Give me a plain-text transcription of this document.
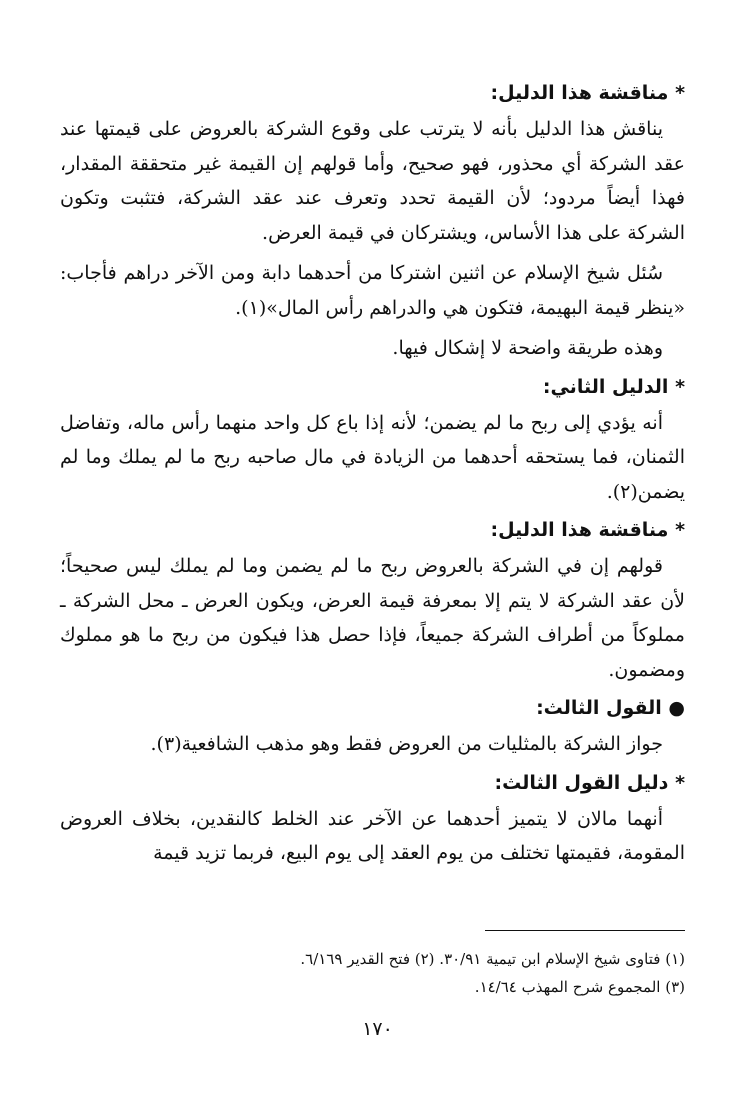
* مناقشة هذا الدليل:

يناقش هذا الدليل بأنه لا يترتب على وقوع الشركة بالعروض على قيمتها عند عقد الشركة أي محذور، فهو صحيح، وأما قولهم إن القيمة غير متحققة المقدار، فهذا أيضاً مردود؛ لأن القيمة تحدد وتعرف عند عقد الشركة، فتثبت وتكون الشركة على هذا الأساس، ويشتركان في قيمة العرض.

سُئل شيخ الإسلام عن اثنين اشتركا من أحدهما دابة ومن الآخر دراهم فأجاب: «ينظر قيمة البهيمة، فتكون هي والدراهم رأس المال»(١).

وهذه طريقة واضحة لا إشكال فيها.

* الدليل الثاني:

أنه يؤدي إلى ربح ما لم يضمن؛ لأنه إذا باع كل واحد منهما رأس ماله، وتفاضل الثمنان، فما يستحقه أحدهما من الزيادة في مال صاحبه ربح ما لم يملك وما لم يضمن(٢).

* مناقشة هذا الدليل:

قولهم إن في الشركة بالعروض ربح ما لم يضمن وما لم يملك ليس صحيحاً؛ لأن عقد الشركة لا يتم إلا بمعرفة قيمة العرض، ويكون العرض ـ محل الشركة ـ مملوكاً من أطراف الشركة جميعاً، فإذا حصل هذا فيكون من ربح ما هو مملوك ومضمون.

● القول الثالث:

جواز الشركة بالمثليات من العروض فقط وهو مذهب الشافعية(٣).

* دليل القول الثالث:

أنهما مالان لا يتميز أحدهما عن الآخر عند الخلط كالنقدين، بخلاف العروض المقومة، فقيمتها تختلف من يوم العقد إلى يوم البيع، فربما تزيد قيمة

(١) فتاوى شيخ الإسلام ابن تيمية ٣٠/٩١. (٢) فتح القدير ٦/١٦٩.

(٣) المجموع شرح المهذب ١٤/٦٤.

١٧٠
